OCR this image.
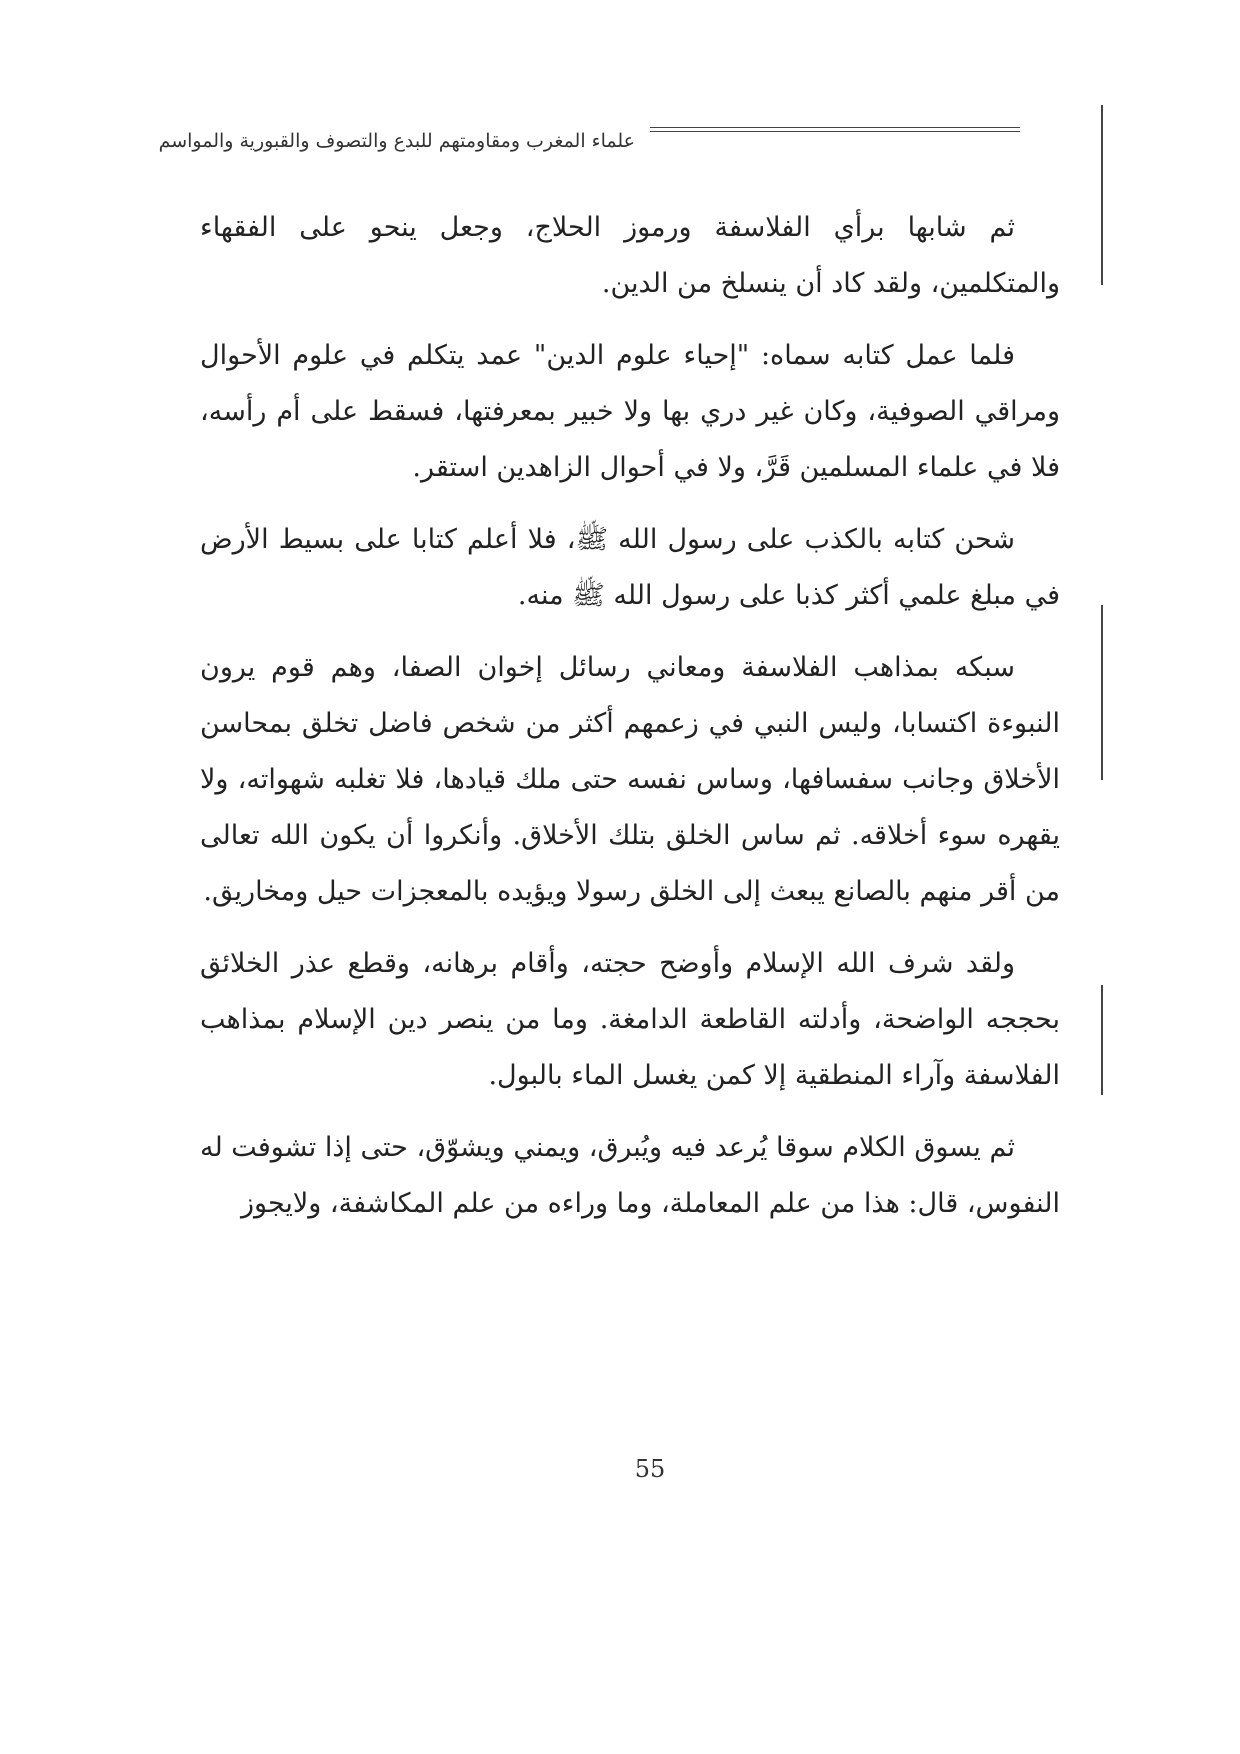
علماء المغرب ومقاومتهم للبدع والتصوف والقبورية والمواسم

ثم شابها برأي الفلاسفة ورموز الحلاج، وجعل ينحو على الفقهاء والمتكلمين، ولقد كاد أن ينسلخ من الدين.

فلما عمل كتابه سماه: "إحياء علوم الدين" عمد يتكلم في علوم الأحوال ومراقي الصوفية، وكان غير دري بها ولا خبير بمعرفتها، فسقط على أم رأسه، فلا في علماء المسلمين قَرَّ، ولا في أحوال الزاهدين استقر.

شحن كتابه بالكذب على رسول الله ﷺ، فلا أعلم كتابا على بسيط الأرض في مبلغ علمي أكثر كذبا على رسول الله ﷺ منه.

سبكه بمذاهب الفلاسفة ومعاني رسائل إخوان الصفا، وهم قوم يرون النبوءة اكتسابا، وليس النبي في زعمهم أكثر من شخص فاضل تخلق بمحاسن الأخلاق وجانب سفسافها، وساس نفسه حتى ملك قيادها، فلا تغلبه شهواته، ولا يقهره سوء أخلاقه. ثم ساس الخلق بتلك الأخلاق. وأنكروا أن يكون الله تعالى من أقر منهم بالصانع يبعث إلى الخلق رسولا ويؤيده بالمعجزات حيل ومخاريق.

ولقد شرف الله الإسلام وأوضح حجته، وأقام برهانه، وقطع عذر الخلائق بحججه الواضحة، وأدلته القاطعة الدامغة. وما من ينصر دين الإسلام بمذاهب الفلاسفة وآراء المنطقية إلا كمن يغسل الماء بالبول.

ثم يسوق الكلام سوقا يُرعد فيه ويُبرق، ويمني ويشوّق، حتى إذا تشوفت له النفوس، قال: هذا من علم المعاملة، وما وراءه من علم المكاشفة، ولايجوز

55
